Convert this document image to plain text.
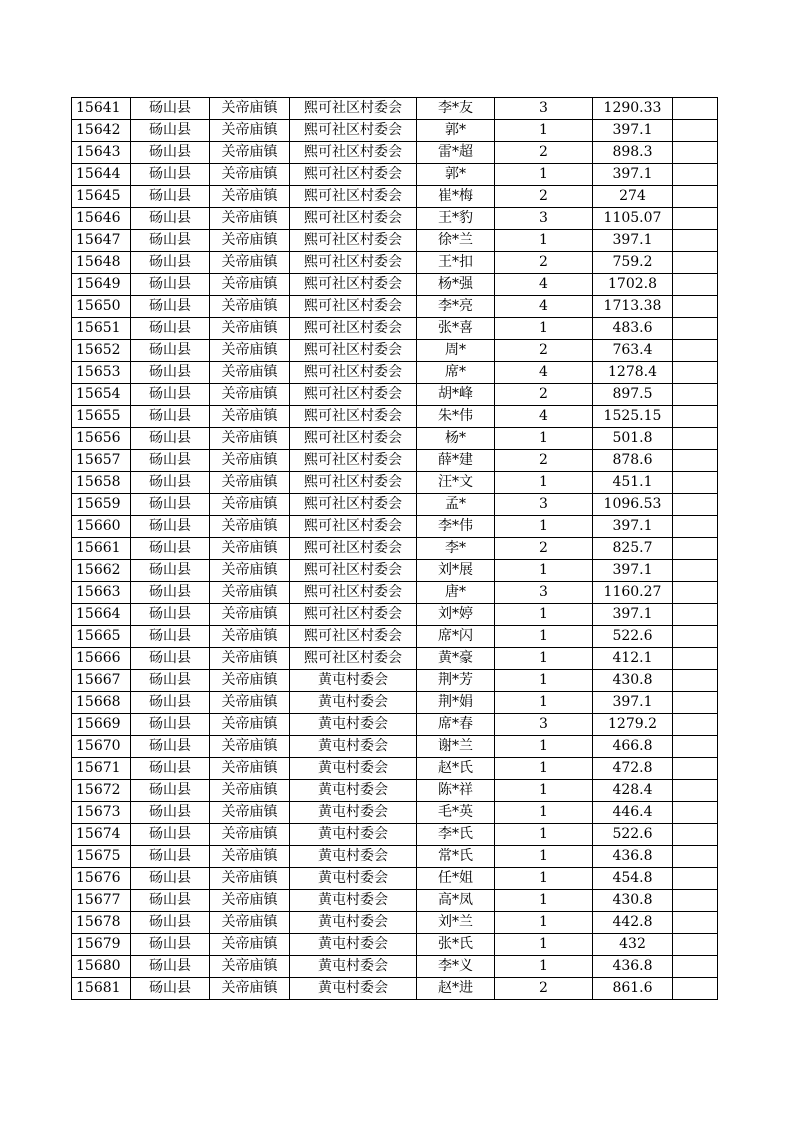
15641	砀山县	关帝庙镇	熙可社区村委会	李*友	3	1290.33	
15642	砀山县	关帝庙镇	熙可社区村委会	郭*	1	397.1	
15643	砀山县	关帝庙镇	熙可社区村委会	雷*超	2	898.3	
15644	砀山县	关帝庙镇	熙可社区村委会	郭*	1	397.1	
15645	砀山县	关帝庙镇	熙可社区村委会	崔*梅	2	274	
15646	砀山县	关帝庙镇	熙可社区村委会	王*豹	3	1105.07	
15647	砀山县	关帝庙镇	熙可社区村委会	徐*兰	1	397.1	
15648	砀山县	关帝庙镇	熙可社区村委会	王*扣	2	759.2	
15649	砀山县	关帝庙镇	熙可社区村委会	杨*强	4	1702.8	
15650	砀山县	关帝庙镇	熙可社区村委会	李*亮	4	1713.38	
15651	砀山县	关帝庙镇	熙可社区村委会	张*喜	1	483.6	
15652	砀山县	关帝庙镇	熙可社区村委会	周*	2	763.4	
15653	砀山县	关帝庙镇	熙可社区村委会	席*	4	1278.4	
15654	砀山县	关帝庙镇	熙可社区村委会	胡*峰	2	897.5	
15655	砀山县	关帝庙镇	熙可社区村委会	朱*伟	4	1525.15	
15656	砀山县	关帝庙镇	熙可社区村委会	杨*	1	501.8	
15657	砀山县	关帝庙镇	熙可社区村委会	薛*建	2	878.6	
15658	砀山县	关帝庙镇	熙可社区村委会	汪*文	1	451.1	
15659	砀山县	关帝庙镇	熙可社区村委会	孟*	3	1096.53	
15660	砀山县	关帝庙镇	熙可社区村委会	李*伟	1	397.1	
15661	砀山县	关帝庙镇	熙可社区村委会	李*	2	825.7	
15662	砀山县	关帝庙镇	熙可社区村委会	刘*展	1	397.1	
15663	砀山县	关帝庙镇	熙可社区村委会	唐*	3	1160.27	
15664	砀山县	关帝庙镇	熙可社区村委会	刘*婷	1	397.1	
15665	砀山县	关帝庙镇	熙可社区村委会	席*闪	1	522.6	
15666	砀山县	关帝庙镇	熙可社区村委会	黄*豪	1	412.1	
15667	砀山县	关帝庙镇	黄屯村委会	荆*芳	1	430.8	
15668	砀山县	关帝庙镇	黄屯村委会	荆*娟	1	397.1	
15669	砀山县	关帝庙镇	黄屯村委会	席*春	3	1279.2	
15670	砀山县	关帝庙镇	黄屯村委会	谢*兰	1	466.8	
15671	砀山县	关帝庙镇	黄屯村委会	赵*氏	1	472.8	
15672	砀山县	关帝庙镇	黄屯村委会	陈*祥	1	428.4	
15673	砀山县	关帝庙镇	黄屯村委会	毛*英	1	446.4	
15674	砀山县	关帝庙镇	黄屯村委会	李*氏	1	522.6	
15675	砀山县	关帝庙镇	黄屯村委会	常*氏	1	436.8	
15676	砀山县	关帝庙镇	黄屯村委会	任*姐	1	454.8	
15677	砀山县	关帝庙镇	黄屯村委会	高*凤	1	430.8	
15678	砀山县	关帝庙镇	黄屯村委会	刘*兰	1	442.8	
15679	砀山县	关帝庙镇	黄屯村委会	张*氏	1	432	
15680	砀山县	关帝庙镇	黄屯村委会	李*义	1	436.8	
15681	砀山县	关帝庙镇	黄屯村委会	赵*进	2	861.6	
